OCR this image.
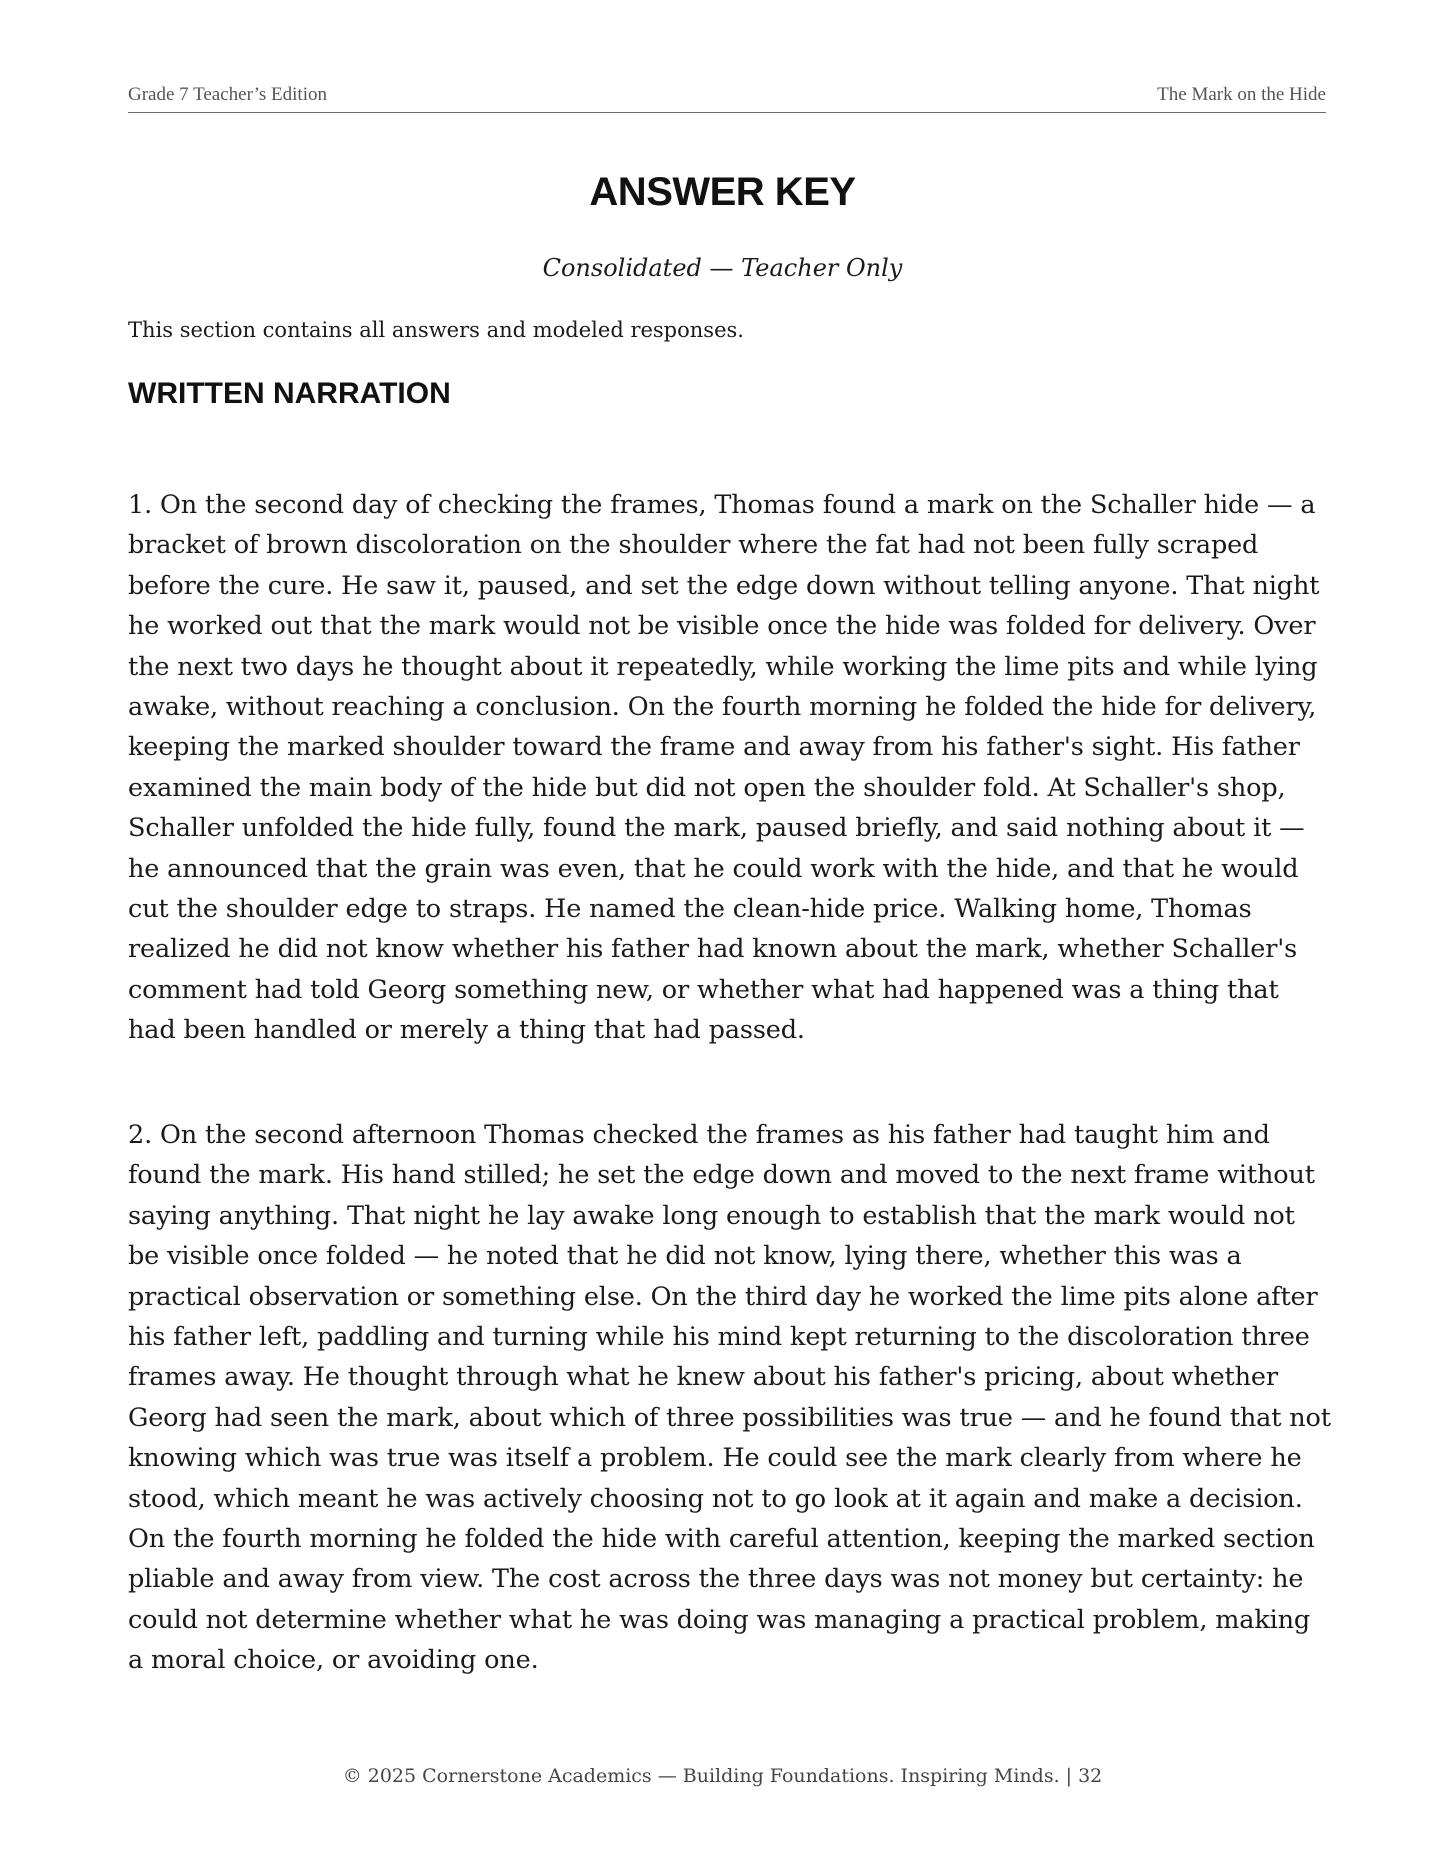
Grade 7 Teacher’s Edition	The Mark on the Hide
ANSWER KEY
Consolidated — Teacher Only
This section contains all answers and modeled responses.
WRITTEN NARRATION

1. On the second day of checking the frames, Thomas found a mark on the Schaller hide — a bracket of brown discoloration on the shoulder where the fat had not been fully scraped before the cure. He saw it, paused, and set the edge down without telling anyone. That night he worked out that the mark would not be visible once the hide was folded for delivery. Over the next two days he thought about it repeatedly, while working the lime pits and while lying awake, without reaching a conclusion. On the fourth morning he folded the hide for delivery, keeping the marked shoulder toward the frame and away from his father's sight. His father examined the main body of the hide but did not open the shoulder fold. At Schaller's shop, Schaller unfolded the hide fully, found the mark, paused briefly, and said nothing about it — he announced that the grain was even, that he could work with the hide, and that he would cut the shoulder edge to straps. He named the clean-hide price. Walking home, Thomas realized he did not know whether his father had known about the mark, whether Schaller's comment had told Georg something new, or whether what had happened was a thing that had been handled or merely a thing that had passed.

2. On the second afternoon Thomas checked the frames as his father had taught him and found the mark. His hand stilled; he set the edge down and moved to the next frame without saying anything. That night he lay awake long enough to establish that the mark would not be visible once folded — he noted that he did not know, lying there, whether this was a practical observation or something else. On the third day he worked the lime pits alone after his father left, paddling and turning while his mind kept returning to the discoloration three frames away. He thought through what he knew about his father's pricing, about whether Georg had seen the mark, about which of three possibilities was true — and he found that not knowing which was true was itself a problem. He could see the mark clearly from where he stood, which meant he was actively choosing not to go look at it again and make a decision. On the fourth morning he folded the hide with careful attention, keeping the marked section pliable and away from view. The cost across the three days was not money but certainty: he could not determine whether what he was doing was managing a practical problem, making a moral choice, or avoiding one.

© 2025 Cornerstone Academics — Building Foundations. Inspiring Minds. | 32
